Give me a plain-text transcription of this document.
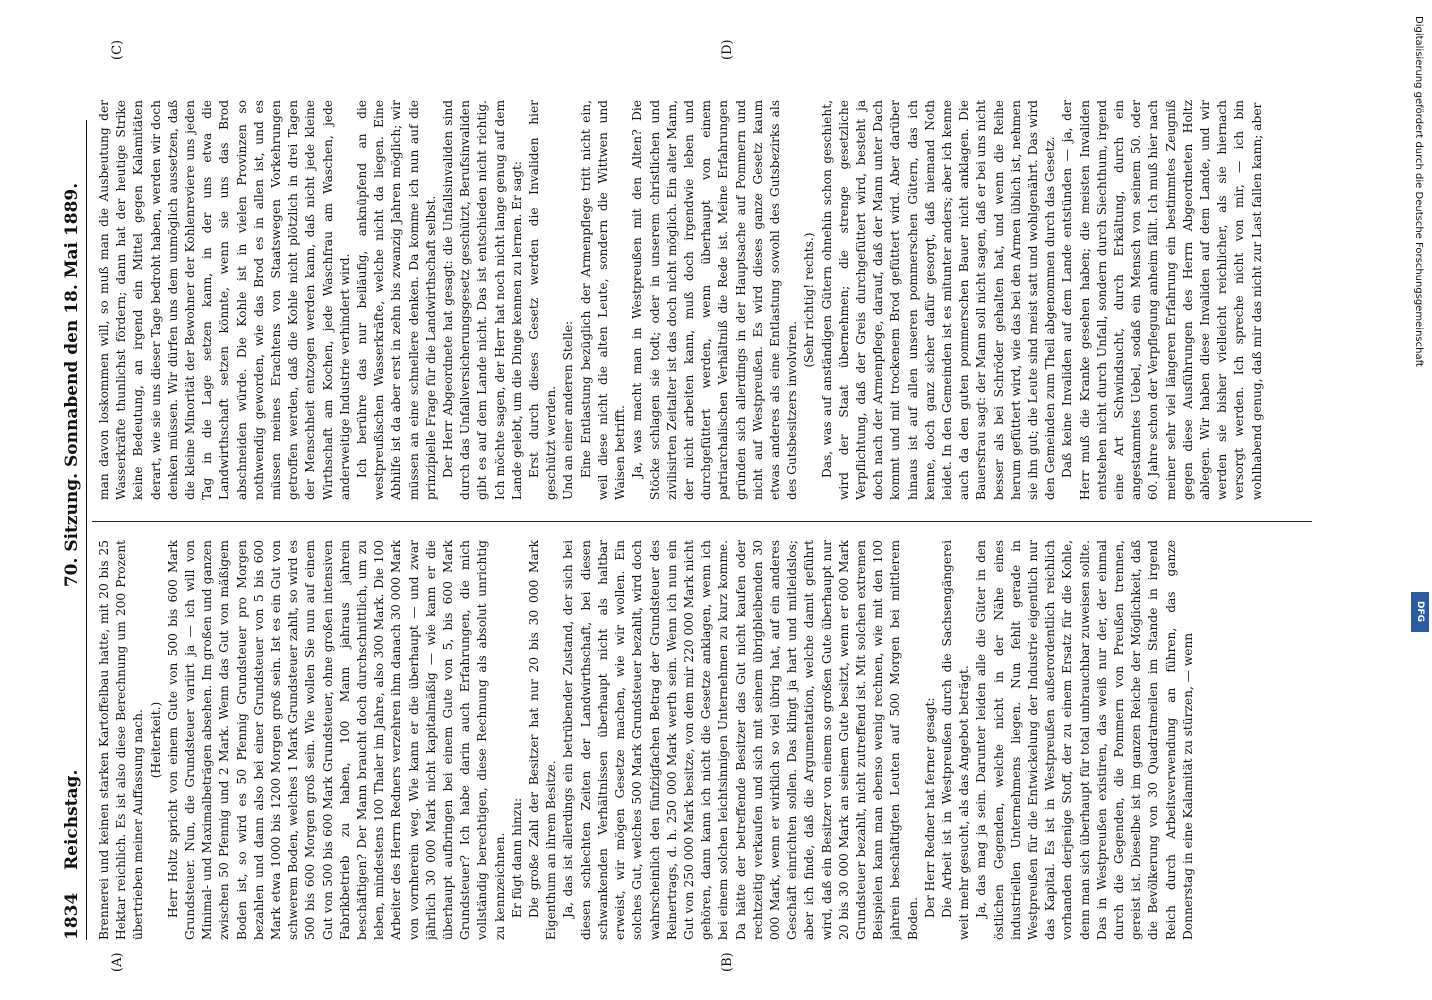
1834
Reichstag.
70. Sitzung. Sonnabend den 18. Mai 1889.
(A)	(B)
(C)	(D)

Brennerei und keinen starken Kartoffelbau hatte, mit 20 bis 25 Hektar reichlich. Es ist also diese Berechnung um 200 Prozent übertrieben meiner Auffassung nach. (Heiterkeit.) Herr Holtz spricht von einem Gute von 500 bis 600 Mark Grundsteuer. Nun, die Grundsteuer variirt ja — ich will von Minimal- und Maximalbeträgen absehen. Im großen und ganzen zwischen 50 Pfennig und 2 Mark. Wenn das Gut von mäßigem Boden ist, so wird es 50 Pfennig Grundsteuer pro Morgen bezahlen und dann also bei einer Grundsteuer von 5 bis 600 Mark etwa 1000 bis 1200 Morgen groß sein. Ist es ein Gut von schwerem Boden, welches 1 Mark Grundsteuer zahlt, so wird es 500 bis 600 Morgen groß sein. Wie wollen Sie nun auf einem Gut von 500 bis 600 Mark Grundsteuer, ohne großen intensiven Fabrikbetrieb zu haben, 100 Mann jahraus jahrein beschäftigen? Der Mann braucht doch durchschnittlich, um zu leben, mindestens 100 Thaler im Jahre, also 300 Mark. Die 100 Arbeiter des Herrn Redners verzehren ihm danach 30 000 Mark von vornherein weg. Wie kann er die überhaupt — und zwar jährlich 30 000 Mark nicht kapitalmäßig — wie kann er die überhaupt aufbringen bei einem Gute von 5, bis 600 Mark Grundsteuer? Ich habe darin auch Erfahrungen, die mich vollständig berechtigen, diese Rechnung als absolut unrichtig zu kennzeichnen. Er fügt dann hinzu: Die große Zahl der Besitzer hat nur 20 bis 30 000 Mark Eigenthum an ihrem Besitze. Ja, das ist allerdings ein betrübender Zustand, der sich bei diesen schlechten Zeiten der Landwirthschaft, bei diesen schwankenden Verhältnissen überhaupt nicht als haltbar erweist, wir mögen Gesetze machen, wie wir wollen. Ein solches Gut, welches 500 Mark Grundsteuer bezahlt, wird doch wahrscheinlich den fünfzigfachen Betrag der Grundsteuer des Reinertrags, d. h. 250 000 Mark werth sein. Wenn ich nun ein Gut von 250 000 Mark besitze, von dem mir 220 000 Mark nicht gehören, dann kann ich nicht die Gesetze anklagen, wenn ich bei einem solchen leichtsinnigen Unternehmen zu kurz komme. Da hätte der betreffende Besitzer das Gut nicht kaufen oder rechtzeitig verkaufen und sich mit seinem übrigbleibenden 30 000 Mark, wenn er wirklich so viel übrig hat, auf ein anderes Geschäft einrichten sollen. Das klingt ja hart und mitleidslos; aber ich finde, daß die Argumentation, welche damit geführt wird, daß ein Besitzer von einem so großen Gute überhaupt nur 20 bis 30 000 Mark an seinem Gute besitzt, wenn er 600 Mark Grundsteuer bezahlt, nicht zutreffend ist. Mit solchen extremen Beispielen kann man ebenso wenig rechnen, wie mit den 100 jahrein beschäftigten Leuten auf 500 Morgen bei mittlerem Boden.

Der Herr Redner hat ferner gesagt: Die Arbeit ist in Westpreußen durch die Sachsengängerei weit mehr gesucht, als das Angebot beträgt. Ja, das mag ja sein. Darunter leiden alle die Güter in den östlichen Gegenden, welche nicht in der Nähe eines industriellen Unternehmens liegen. Nun fehlt gerade in Westpreußen für die Entwickelung der Industrie eigentlich nur das Kapital. Es ist in Westpreußen außerordentlich reichlich vorhanden derjenige Stoff, der zu einem Ersatz für die Kohle, denn man sich überhaupt für total unbrauchbar zuweisen sollte. Das in Westpreußen existiren, das weiß nur der, der einmal durch die Gegenden, die Pommern von Preußen trennen, gereist ist. Dieselbe ist im ganzen Reiche der Möglichkeit, daß die Bevölkerung von 30 Quadratmeilen im Stande in irgend Reich durch Arbeitsverwendung an führen, das ganze Donnerstag in eine Kalamität zu stürzen, — wenn

man davon loskommen will, so muß man die Ausbeutung der Wasserkräfte thunlichst fördern; dann hat der heutige Strike keine Bedeutung, an irgend ein Mittel gegen Kalamitäten derart, wie sie uns dieser Tage bedroht haben, werden wir doch denken müssen. Wir dürfen uns dem unmöglich aussetzen, daß die kleine Minorität der Bewohner der Kohlenreviere uns jeden Tag in die Lage setzen kann, in der uns etwa die Landwirthschaft setzen könnte, wenn sie uns das Brod abschneiden würde. Die Kohle ist in vielen Provinzen so nothwendig geworden, wie das Brod es in allen ist, und es müssen meines Erachtens von Staatswegen Vorkehrungen getroffen werden, daß die Kohle nicht plötzlich in drei Tagen der Menschheit entzogen werden kann, daß nicht jede kleine Wirthschaft am Kochen, jede Waschfrau am Waschen, jede anderweitige Industrie verhindert wird. Ich berühre das nur beiläufig, anknüpfend an die westpreußischen Wasserkräfte, welche nicht da liegen. Eine Abhilfe ist da aber erst in zehn bis zwanzig Jahren möglich; wir müssen an eine schnellere denken. Da komme ich nun auf die prinzipielle Frage für die Landwirthschaft selbst. Der Herr Abgeordnete hat gesagt: die Unfallsinvaliden sind durch das Unfallversicherungsgesetz geschützt, Berufsinvaliden gibt es auf dem Lande nicht. Das ist entschieden nicht richtig. Ich möchte sagen, der Herr hat noch nicht lange genug auf dem Lande gelebt, um die Dinge kennen zu lernen. Er sagt: Erst durch dieses Gesetz werden die Invaliden hier geschützt werden. Und an einer anderen Stelle: Eine Entlastung bezüglich der Armenpflege tritt nicht ein, weil diese nicht die alten Leute, sondern die Wittwen und Waisen betrifft. Ja, was macht man in Westpreußen mit den Alten? Die Stöcke schlagen sie todt; oder in unserem christlichen und zivilisirten Zeitalter ist das doch nicht möglich. Ein alter Mann, der nicht arbeiten kann, muß doch irgendwie leben und durchgefüttert werden, wenn überhaupt von einem patriarchalischen Verhältniß die Rede ist. Meine Erfahrungen gründen sich allerdings in der Hauptsache auf Pommern und nicht auf Westpreußen. Es wird dieses ganze Gesetz kaum etwas anderes als eine Entlastung sowohl des Gutsbezirks als des Gutsbesitzers involviren.

(Sehr richtig! rechts.) Das, was auf anständigen Gütern ohnehin schon geschieht, wird der Staat übernehmen; die strenge gesetzliche Verpflichtung, daß der Greis durchgefüttert wird, besteht ja doch nach der Armenpflege, darauf, daß der Mann unter Dach kommt und mit trockenem Brod gefüttert wird. Aber darüber hinaus ist auf allen unseren pommerschen Gütern, das ich kenne, doch ganz sicher dafür gesorgt, daß niemand Noth leidet. In den Gemeinden ist es mitunter anders; aber ich kenne auch da den guten pommerschen Bauer nicht anklagen. Die Bauersfrau sagt: der Mann soll nicht sagen, daß er bei uns nicht besser als bei Schröder gehalten hat, und wenn die Reihe herum gefüttert wird, wie das bei den Armen üblich ist, nehmen sie ihn gut; die Leute sind meist satt und wohlgenährt. Das wird den Gemeinden zum Theil abgenommen durch das Gesetz. Daß keine Invaliden auf dem Lande entstünden — ja, der Herr muß die Kranke gesehen haben; die meisten Invaliden entstehen nicht durch Unfall, sondern durch Siechthum, irgend eine Art Schwindsucht, durch Erkältung, durch ein angestammtes Uebel, sodaß ein Mensch von seinem 50. oder 60. Jahre schon der Verpflegung anheim fällt. Ich muß hier nach meiner sehr viel längeren Erfahrung ein bestimmtes Zeugniß gegen diese Ausführungen des Herrn Abgeordneten Holtz ablegen. Wir haben diese Invaliden auf dem Lande, und wir werden sie bisher vielleicht reichlicher, als sie hiernach versorgt werden. Ich spreche nicht von mir, — ich bin wohlhabend genug, daß mir das nicht zur Last fallen kann; aber	Digitalisierung gefördert durch die Deutsche Forschungsgemeinschaft
DFG
